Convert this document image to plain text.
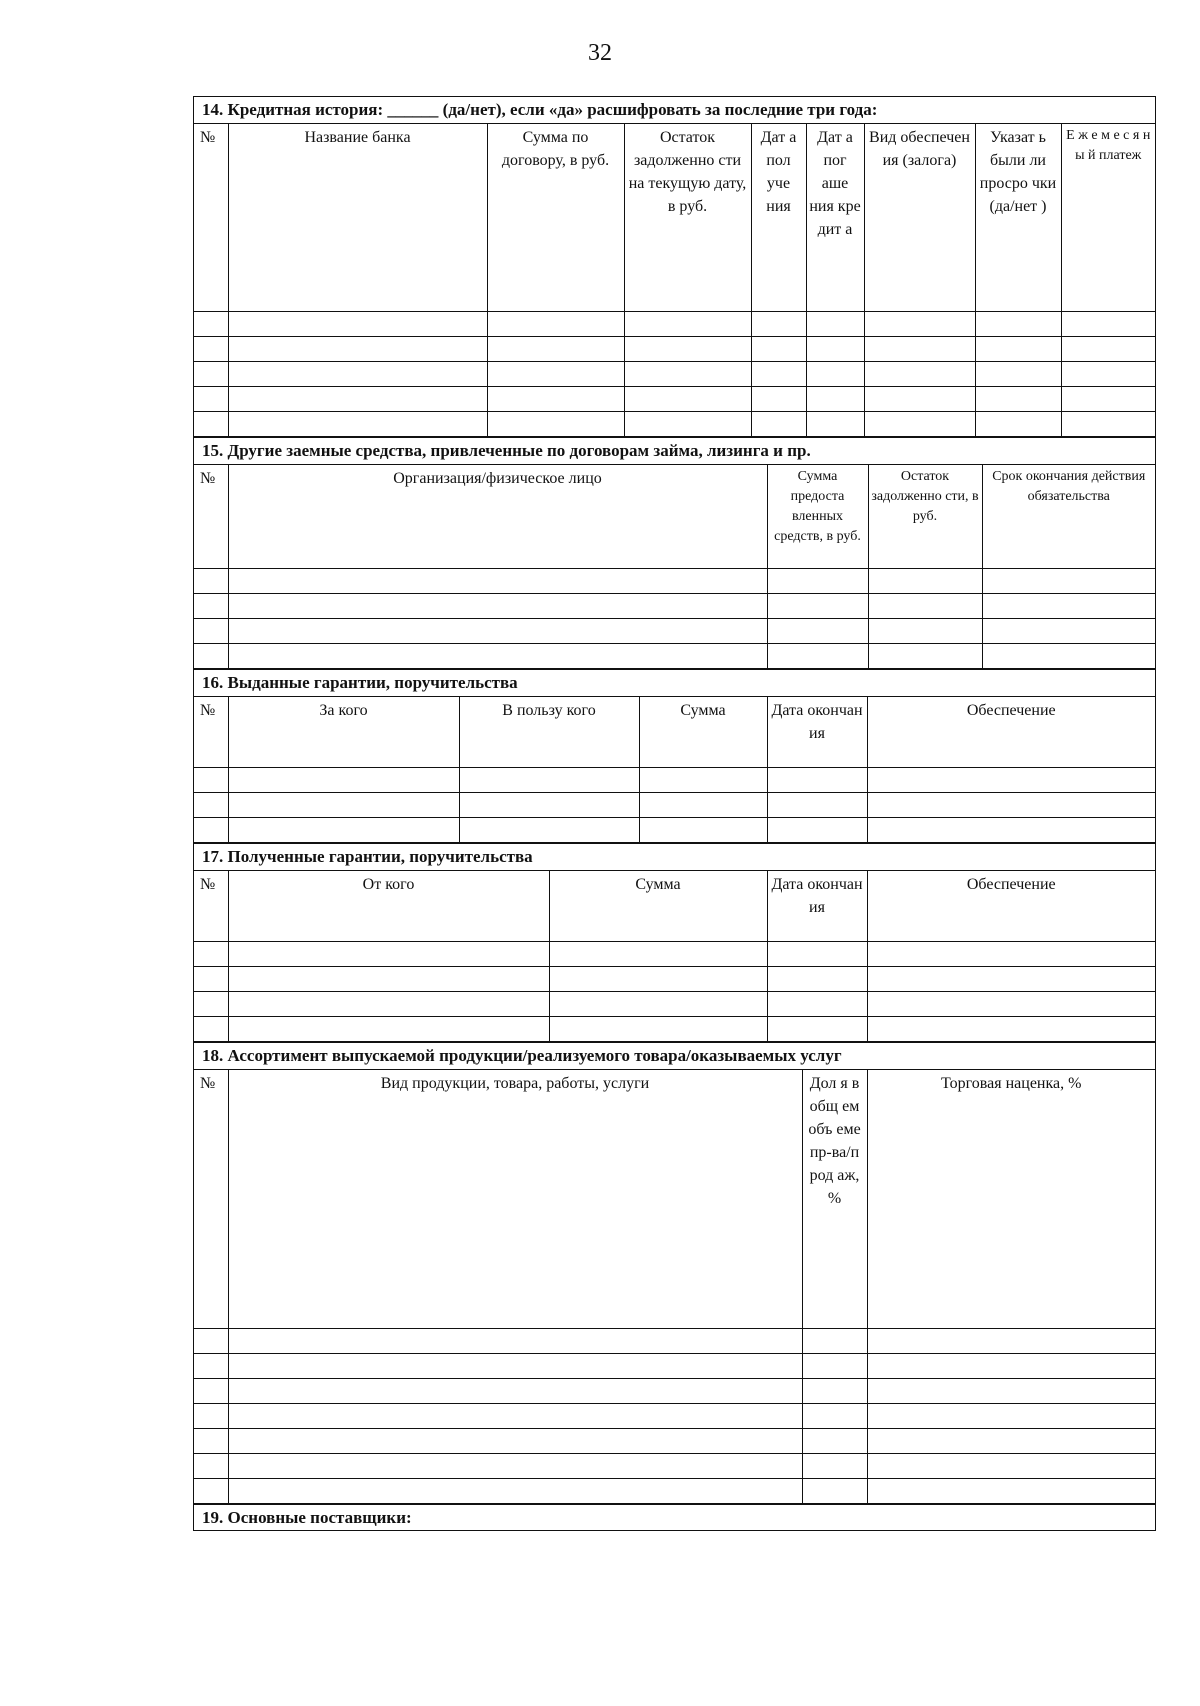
32
14. Кредитная история: ______ (да/нет), если «да» расшифровать за последние три года:
№	Название банка	Сумма по договору, в руб.	Остаток задолженно сти на текущую дату, в руб.	Дат а пол уче ния	Дат а пог аше ния кре дит а	Вид обеспечен ия (залога)	Указат ь были ли просро чки (да/нет )	Е ж е м е с я н ы й платеж

15. Другие заемные средства, привлеченные по договорам займа, лизинга и пр.
№	Организация/физическое лицо	Сумма предоста вленных средств, в руб.	Остаток задолженно сти, в руб.	Срок окончания действия обязательства

16. Выданные гарантии, поручительства
№	За кого	В пользу кого	Сумма	Дата окончан ия	Обеспечение

17. Полученные гарантии, поручительства
№	От кого	Сумма	Дата окончан ия	Обеспечение

18. Ассортимент выпускаемой продукции/реализуемого товара/оказываемых услуг
№	Вид продукции, товара, работы, услуги	Дол я в общ ем объ еме пр-ва/п род аж, %	Торговая наценка, %

19. Основные поставщики:
